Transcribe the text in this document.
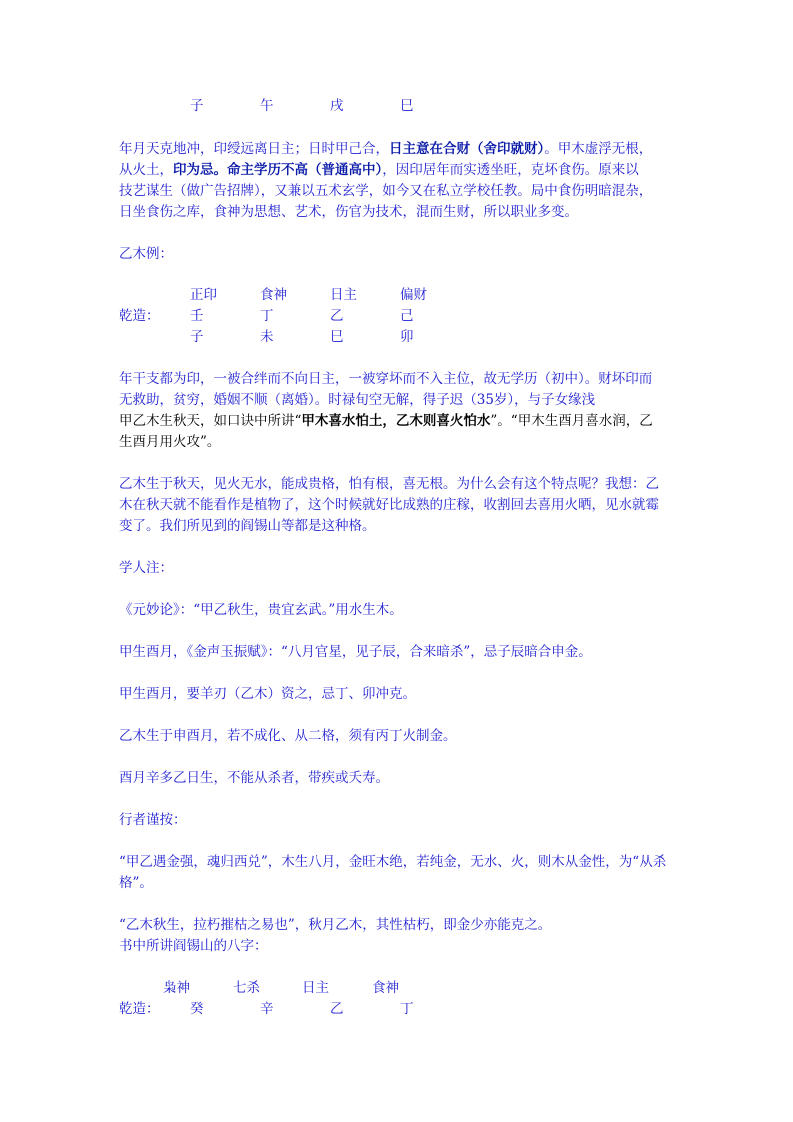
子	午	戌	巳
年月天克地冲，印绶远离日主；日时甲己合，日主意在合财（舍印就财）。甲木虚浮无根，
从火土，印为忌。命主学历不高（普通高中），因印居年而实透坐旺，克坏食伤。原来以
技艺谋生（做广告招牌），又兼以五术玄学，如今又在私立学校任教。局中食伤明暗混杂，
日坐食伤之库，食神为思想、艺术，伤官为技术，混而生财，所以职业多变。
乙木例：
正印	食神	日主	偏财
乾造： 壬	丁	乙	己
子	未	巳	卯
年干支都为印，一被合绊而不向日主，一被穿坏而不入主位，故无学历（初中）。财坏印而
无救助，贫穷，婚姻不顺（离婚）。时禄旬空无解，得子迟（35岁），与子女缘浅
甲乙木生秋天，如口诀中所讲“甲木喜水怕土，乙木则喜火怕水”。“甲木生酉月喜水润，乙
生酉月用火攻”。
乙木生于秋天，见火无水，能成贵格，怕有根，喜无根。为什么会有这个特点呢？我想：乙
木在秋天就不能看作是植物了，这个时候就好比成熟的庄稼，收割回去喜用火晒，见水就霉
变了。我们所见到的阎锡山等都是这种格。
学人注：
《元妙论》：“甲乙秋生，贵宜玄武。”用水生木。
甲生酉月，《金声玉振赋》：“八月官星，见子辰，合来暗杀”，忌子辰暗合申金。
甲生酉月，要羊刃（乙木）资之，忌丁、卯冲克。
乙木生于申酉月，若不成化、从二格，须有丙丁火制金。
酉月辛多乙日生，不能从杀者，带疾或夭寿。
行者谨按：
“甲乙遇金强，魂归西兑”，木生八月，金旺木绝，若纯金，无水、火，则木从金性，为“从杀
格”。
“乙木秋生，拉朽摧枯之易也”，秋月乙木，其性枯朽，即金少亦能克之。
书中所讲阎锡山的八字：
枭神	七杀	日主	食神
乾造： 癸	辛	乙	丁
